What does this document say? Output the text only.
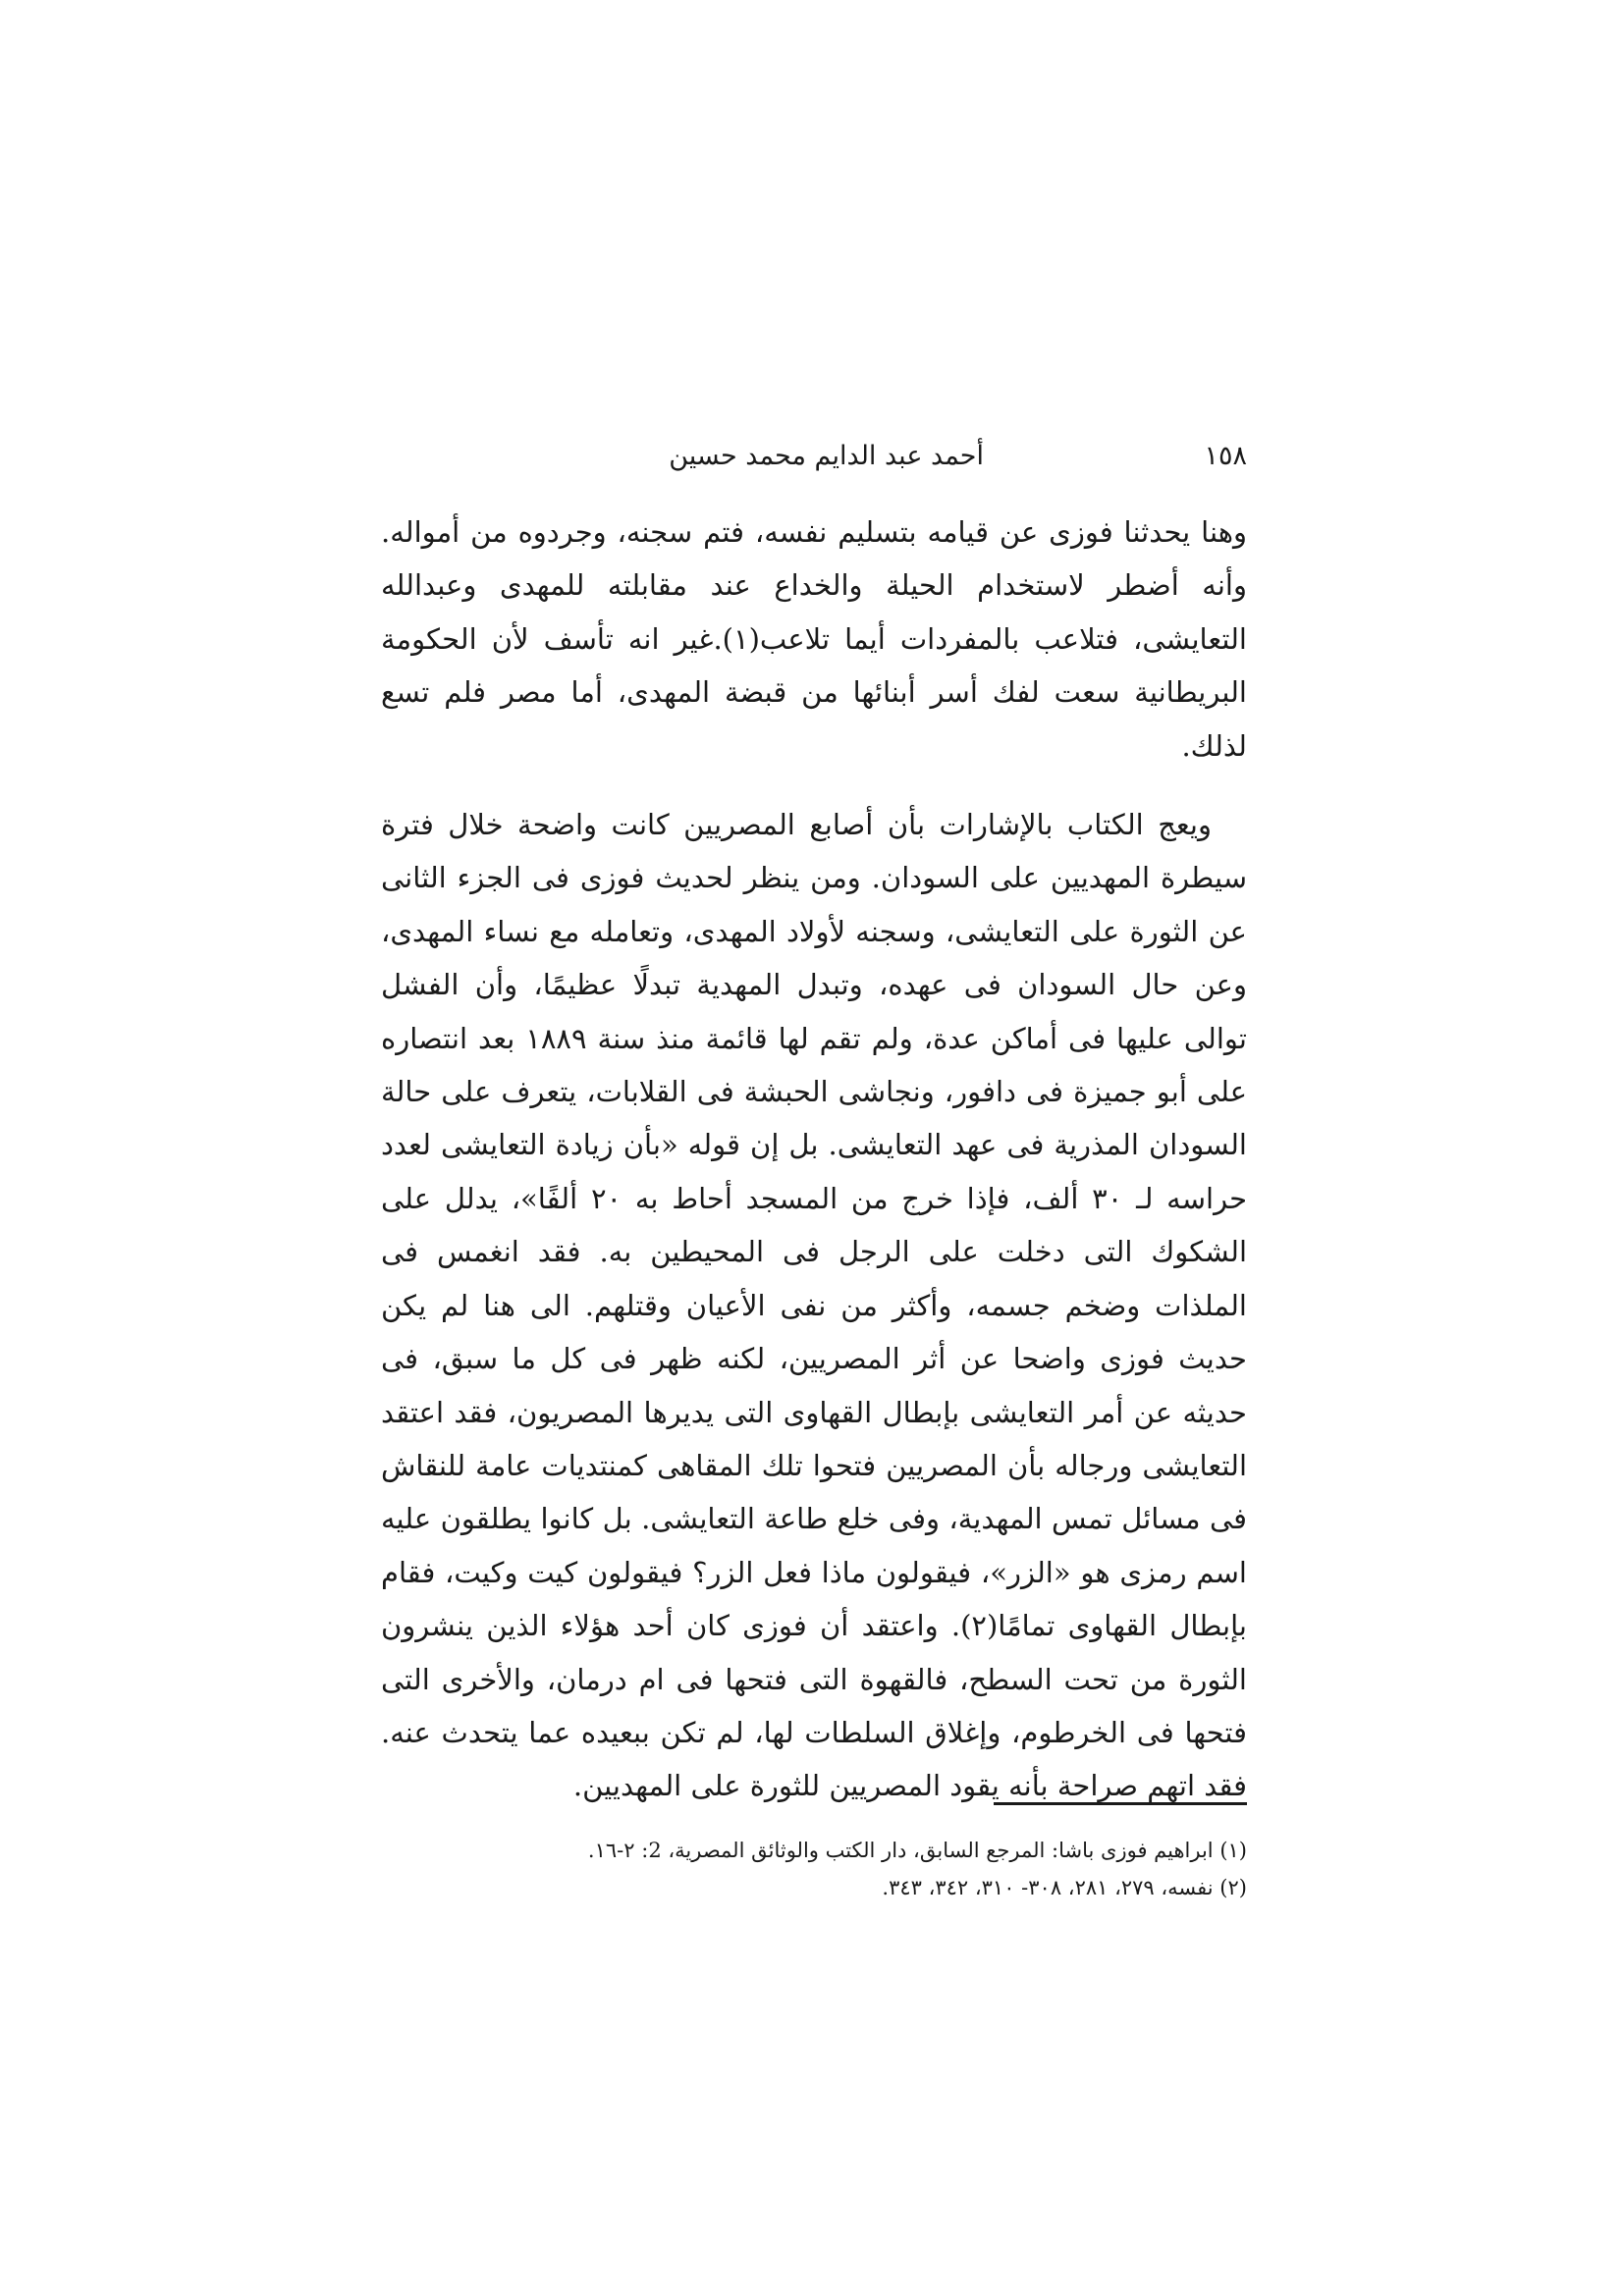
١٥٨
أحمد عبد الدايم محمد حسين

وهنا يحدثنا فوزى عن قيامه بتسليم نفسه، فتم سجنه، وجردوه من أمواله. وأنه أضطر لاستخدام الحيلة والخداع عند مقابلته للمهدى وعبدالله التعايشى، فتلاعب بالمفردات أيما تلاعب(١).غير انه تأسف لأن الحكومة البريطانية سعت لفك أسر أبنائها من قبضة المهدى، أما مصر فلم تسع لذلك.

ويعج الكتاب بالإشارات بأن أصابع المصريين كانت واضحة خلال فترة سيطرة المهديين على السودان. ومن ينظر لحديث فوزى فى الجزء الثانى عن الثورة على التعايشى، وسجنه لأولاد المهدى، وتعامله مع نساء المهدى، وعن حال السودان فى عهده، وتبدل المهدية تبدلًا عظيمًا، وأن الفشل توالى عليها فى أماكن عدة، ولم تقم لها قائمة منذ سنة ١٨٨٩ بعد انتصاره على أبو جميزة فى دافور، ونجاشى الحبشة فى القلابات، يتعرف على حالة السودان المذرية فى عهد التعايشى. بل إن قوله «بأن زيادة التعايشى لعدد حراسه لـ ٣٠ ألف، فإذا خرج من المسجد أحاط به ٢٠ ألفًا»، يدلل على الشكوك التى دخلت على الرجل فى المحيطين به. فقد انغمس فى الملذات وضخم جسمه، وأكثر من نفى الأعيان وقتلهم. الى هنا لم يكن حديث فوزى واضحا عن أثر المصريين، لكنه ظهر فى كل ما سبق، فى حديثه عن أمر التعايشى بإبطال القهاوى التى يديرها المصريون، فقد اعتقد التعايشى ورجاله بأن المصريين فتحوا تلك المقاهى كمنتديات عامة للنقاش فى مسائل تمس المهدية، وفى خلع طاعة التعايشى. بل كانوا يطلقون عليه اسم رمزى هو «الزر»، فيقولون ماذا فعل الزر؟ فيقولون كيت وكيت، فقام بإبطال القهاوى تمامًا(٢). واعتقد أن فوزى كان أحد هؤلاء الذين ينشرون الثورة من تحت السطح، فالقهوة التى فتحها فى ام درمان، والأخرى التى فتحها فى الخرطوم، وإغلاق السلطات لها، لم تكن ببعيده عما يتحدث عنه. فقد اتهم صراحة بأنه يقود المصريين للثورة على المهديين.

(١) ابراهيم فوزى باشا: المرجع السابق، دار الكتب والوثائق المصرية، 2: ٢-١٦.
(٢) نفسه، ٢٧٩، ٢٨١، ٣٠٨- ٣١٠، ٣٤٢، ٣٤٣.
